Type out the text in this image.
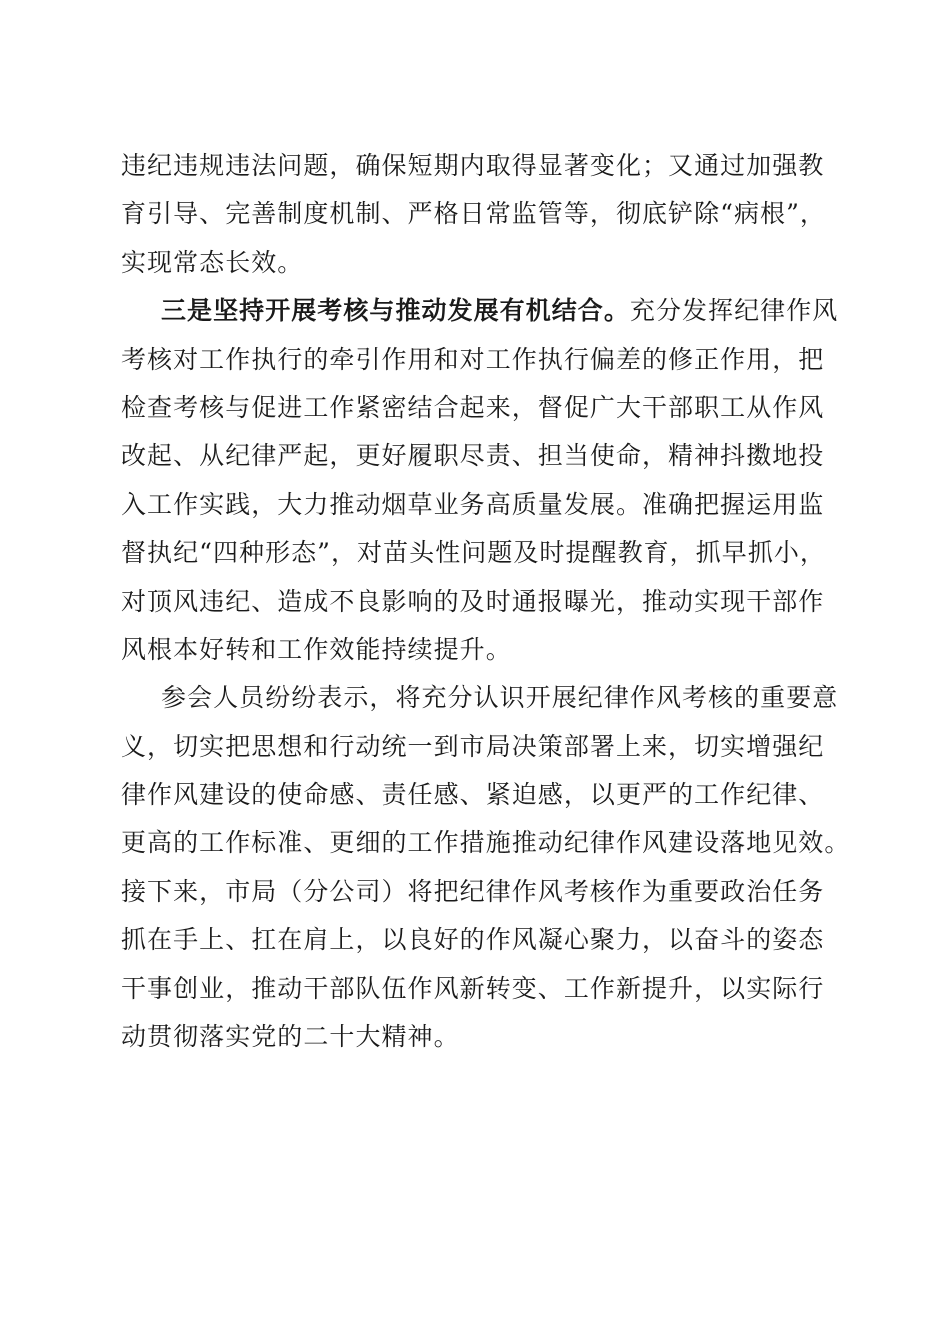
违纪违规违法问题，确保短期内取得显著变化；又通过加强教
育引导、完善制度机制、严格日常监管等，彻底铲除“病根”，
实现常态长效。
三是坚持开展考核与推动发展有机结合。充分发挥纪律作风
考核对工作执行的牵引作用和对工作执行偏差的修正作用，把
检查考核与促进工作紧密结合起来，督促广大干部职工从作风
改起、从纪律严起，更好履职尽责、担当使命，精神抖擞地投
入工作实践，大力推动烟草业务高质量发展。准确把握运用监
督执纪“四种形态”，对苗头性问题及时提醒教育，抓早抓小，
对顶风违纪、造成不良影响的及时通报曝光，推动实现干部作
风根本好转和工作效能持续提升。
参会人员纷纷表示，将充分认识开展纪律作风考核的重要意
义，切实把思想和行动统一到市局决策部署上来，切实增强纪
律作风建设的使命感、责任感、紧迫感，以更严的工作纪律、
更高的工作标准、更细的工作措施推动纪律作风建设落地见效。
接下来，市局（分公司）将把纪律作风考核作为重要政治任务
抓在手上、扛在肩上，以良好的作风凝心聚力，以奋斗的姿态
干事创业，推动干部队伍作风新转变、工作新提升，以实际行
动贯彻落实党的二十大精神。
